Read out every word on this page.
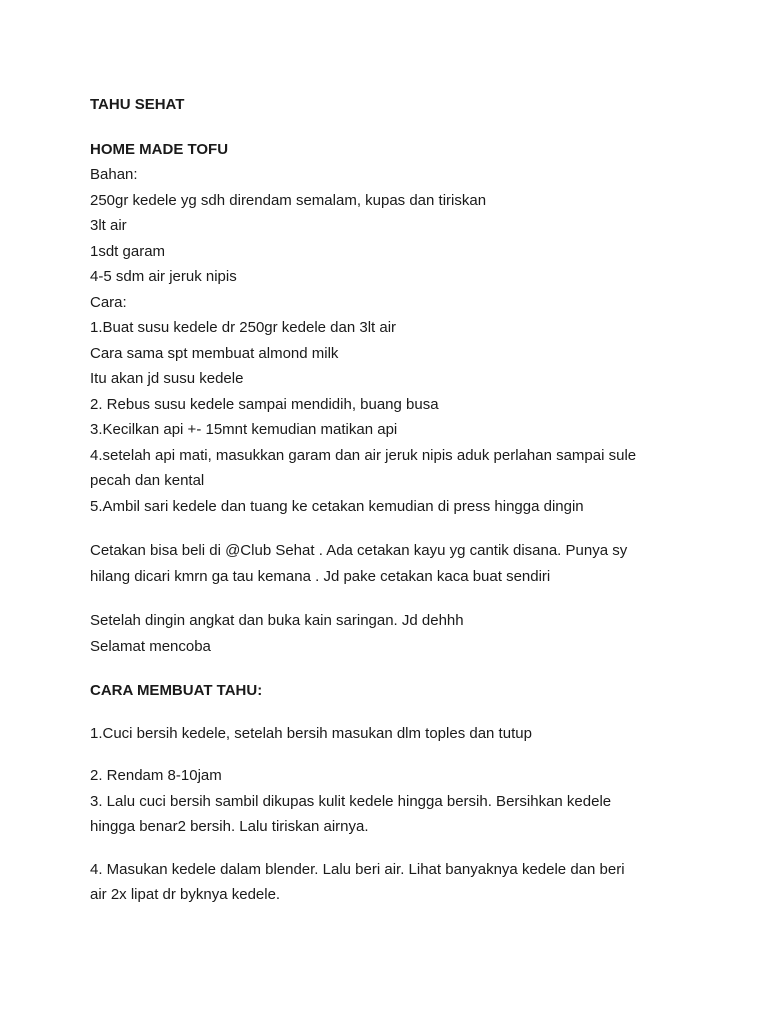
TAHU SEHAT
HOME MADE TOFU
Bahan:
250gr kedele yg sdh direndam semalam, kupas dan tiriskan
3lt air
1sdt garam
4-5 sdm air jeruk nipis
Cara:
1.Buat susu kedele dr 250gr kedele dan 3lt air
Cara sama spt membuat almond milk
Itu akan jd susu kedele
2. Rebus susu kedele sampai mendidih, buang busa
3.Kecilkan api +- 15mnt kemudian matikan api
4.setelah api mati, masukkan garam dan air jeruk nipis aduk perlahan sampai sule
pecah dan kental
5.Ambil sari kedele dan tuang ke cetakan kemudian di press hingga dingin
Cetakan bisa beli di @Club Sehat . Ada cetakan kayu yg cantik disana. Punya sy
hilang dicari kmrn ga tau kemana . Jd pake cetakan kaca buat sendiri
Setelah dingin angkat dan buka kain saringan. Jd dehhh
Selamat mencoba
CARA MEMBUAT TAHU:
1.Cuci bersih kedele, setelah bersih masukan dlm toples dan tutup
2. Rendam 8-10jam
3. Lalu cuci bersih sambil dikupas kulit kedele hingga bersih. Bersihkan kedele
hingga benar2 bersih. Lalu tiriskan airnya.
4. Masukan kedele dalam blender. Lalu beri air. Lihat banyaknya kedele dan beri
air 2x lipat dr byknya kedele.
